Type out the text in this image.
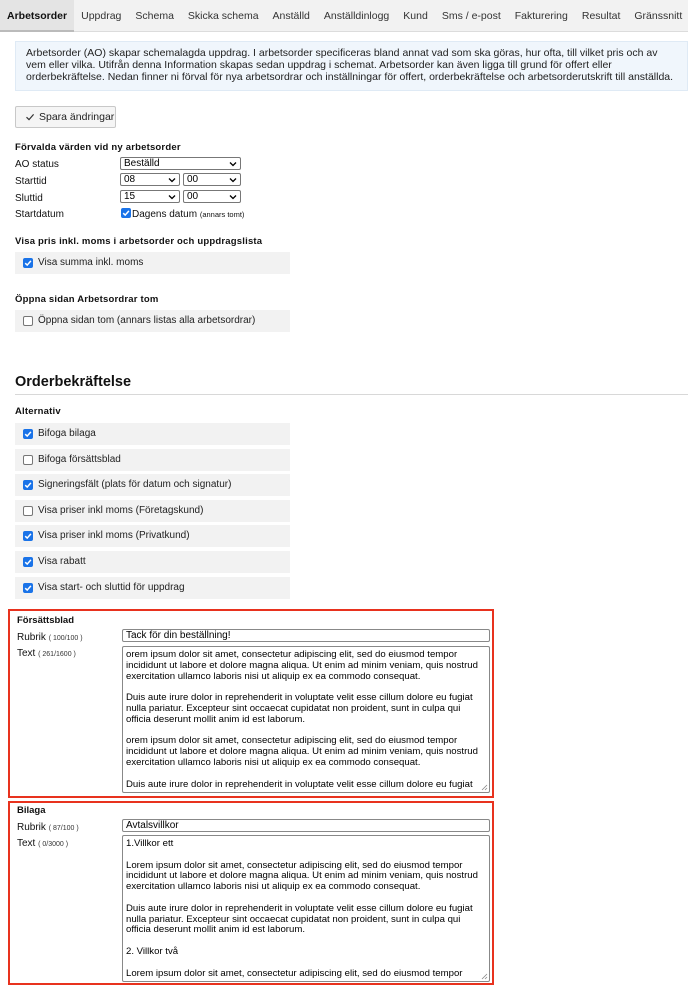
Arbetsorder	Uppdrag	Schema	Skicka schema	Anställd	Anställdinlogg	Kund	Sms / e-post	Fakturering	Resultat	Gränssnitt
Arbetsorder (AO) skapar schemalagda uppdrag. I arbetsorder specificeras bland annat vad som ska göras, hur ofta, till vilket pris och av vem eller vilka. Utifrån denna Information skapas sedan uppdrag i schemat. Arbetsorder kan även ligga till grund för offert eller orderbekräftelse. Nedan finner ni förval för nya arbetsordrar och inställningar för offert, orderbekräftelse och arbetsorderutskrift till anställda.
Spara ändringar
Förvalda värden vid ny arbetsorder
AO status	Beställd
Starttid	08	00
Sluttid	15	00
Startdatum	Dagens datum (annars tomt)
Visa pris inkl. moms i arbetsorder och uppdragslista
Visa summa inkl. moms
Öppna sidan Arbetsordrar tom
Öppna sidan tom (annars listas alla arbetsordrar)
Orderbekräftelse
Alternativ
Bifoga bilaga
Bifoga försättsblad
Signeringsfält (plats för datum och signatur)
Visa priser inkl moms (Företagskund)
Visa priser inkl moms (Privatkund)
Visa rabatt
Visa start- och sluttid för uppdrag
Försättsblad
Rubrik ( 100/100 )	Tack för din beställning!
Text ( 261/1600 )	orem ipsum dolor sit amet, consectetur adipiscing elit, sed do eiusmod tempor incididunt ut labore et dolore magna aliqua. Ut enim ad minim veniam, quis nostrud exercitation ullamco laboris nisi ut aliquip ex ea commodo consequat.

Duis aute irure dolor in reprehenderit in voluptate velit esse cillum dolore eu fugiat nulla pariatur. Excepteur sint occaecat cupidatat non proident, sunt in culpa qui officia deserunt mollit anim id est laborum.

orem ipsum dolor sit amet, consectetur adipiscing elit, sed do eiusmod tempor incididunt ut labore et dolore magna aliqua. Ut enim ad minim veniam, quis nostrud exercitation ullamco laboris nisi ut aliquip ex ea commodo consequat.

Duis aute irure dolor in reprehenderit in voluptate velit esse cillum dolore eu fugiat

Bilaga
Rubrik ( 87/100 )	Avtalsvillkor
Text ( 0/3000 )	1.Villkor ett

Lorem ipsum dolor sit amet, consectetur adipiscing elit, sed do eiusmod tempor incididunt ut labore et dolore magna aliqua. Ut enim ad minim veniam, quis nostrud exercitation ullamco laboris nisi ut aliquip ex ea commodo consequat.

Duis aute irure dolor in reprehenderit in voluptate velit esse cillum dolore eu fugiat nulla pariatur. Excepteur sint occaecat cupidatat non proident, sunt in culpa qui officia deserunt mollit anim id est laborum.

2. Villkor två

Lorem ipsum dolor sit amet, consectetur adipiscing elit, sed do eiusmod tempor
